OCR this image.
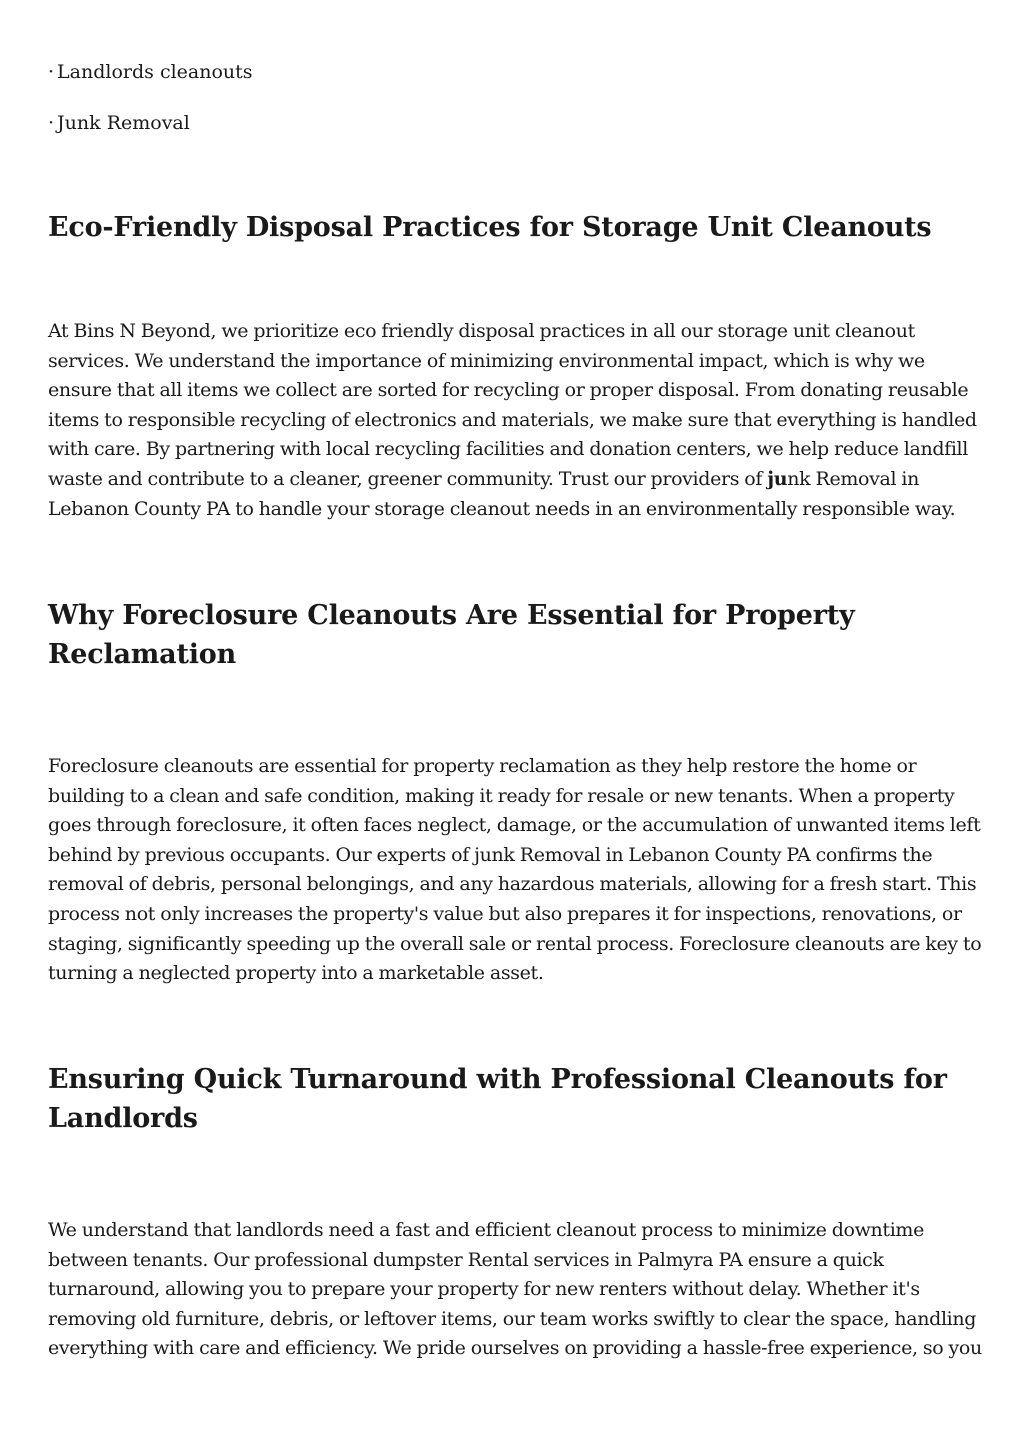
· Landlords cleanouts
· Junk Removal
Eco-Friendly Disposal Practices for Storage Unit Cleanouts

At Bins N Beyond, we prioritize eco friendly disposal practices in all our storage unit cleanout services. We understand the importance of minimizing environmental impact, which is why we ensure that all items we collect are sorted for recycling or proper disposal. From donating reusable items to responsible recycling of electronics and materials, we make sure that everything is handled with care. By partnering with local recycling facilities and donation centers, we help reduce landfill waste and contribute to a cleaner, greener community. Trust our providers of junk Removal in Lebanon County PA to handle your storage cleanout needs in an environmentally responsible way.

Why Foreclosure Cleanouts Are Essential for Property Reclamation

Foreclosure cleanouts are essential for property reclamation as they help restore the home or building to a clean and safe condition, making it ready for resale or new tenants. When a property goes through foreclosure, it often faces neglect, damage, or the accumulation of unwanted items left behind by previous occupants. Our experts of junk Removal in Lebanon County PA confirms the removal of debris, personal belongings, and any hazardous materials, allowing for a fresh start. This process not only increases the property's value but also prepares it for inspections, renovations, or staging, significantly speeding up the overall sale or rental process. Foreclosure cleanouts are key to turning a neglected property into a marketable asset.

Ensuring Quick Turnaround with Professional Cleanouts for Landlords

We understand that landlords need a fast and efficient cleanout process to minimize downtime between tenants. Our professional dumpster Rental services in Palmyra PA ensure a quick turnaround, allowing you to prepare your property for new renters without delay. Whether it's removing old furniture, debris, or leftover items, our team works swiftly to clear the space, handling everything with care and efficiency. We pride ourselves on providing a hassle-free experience, so you
